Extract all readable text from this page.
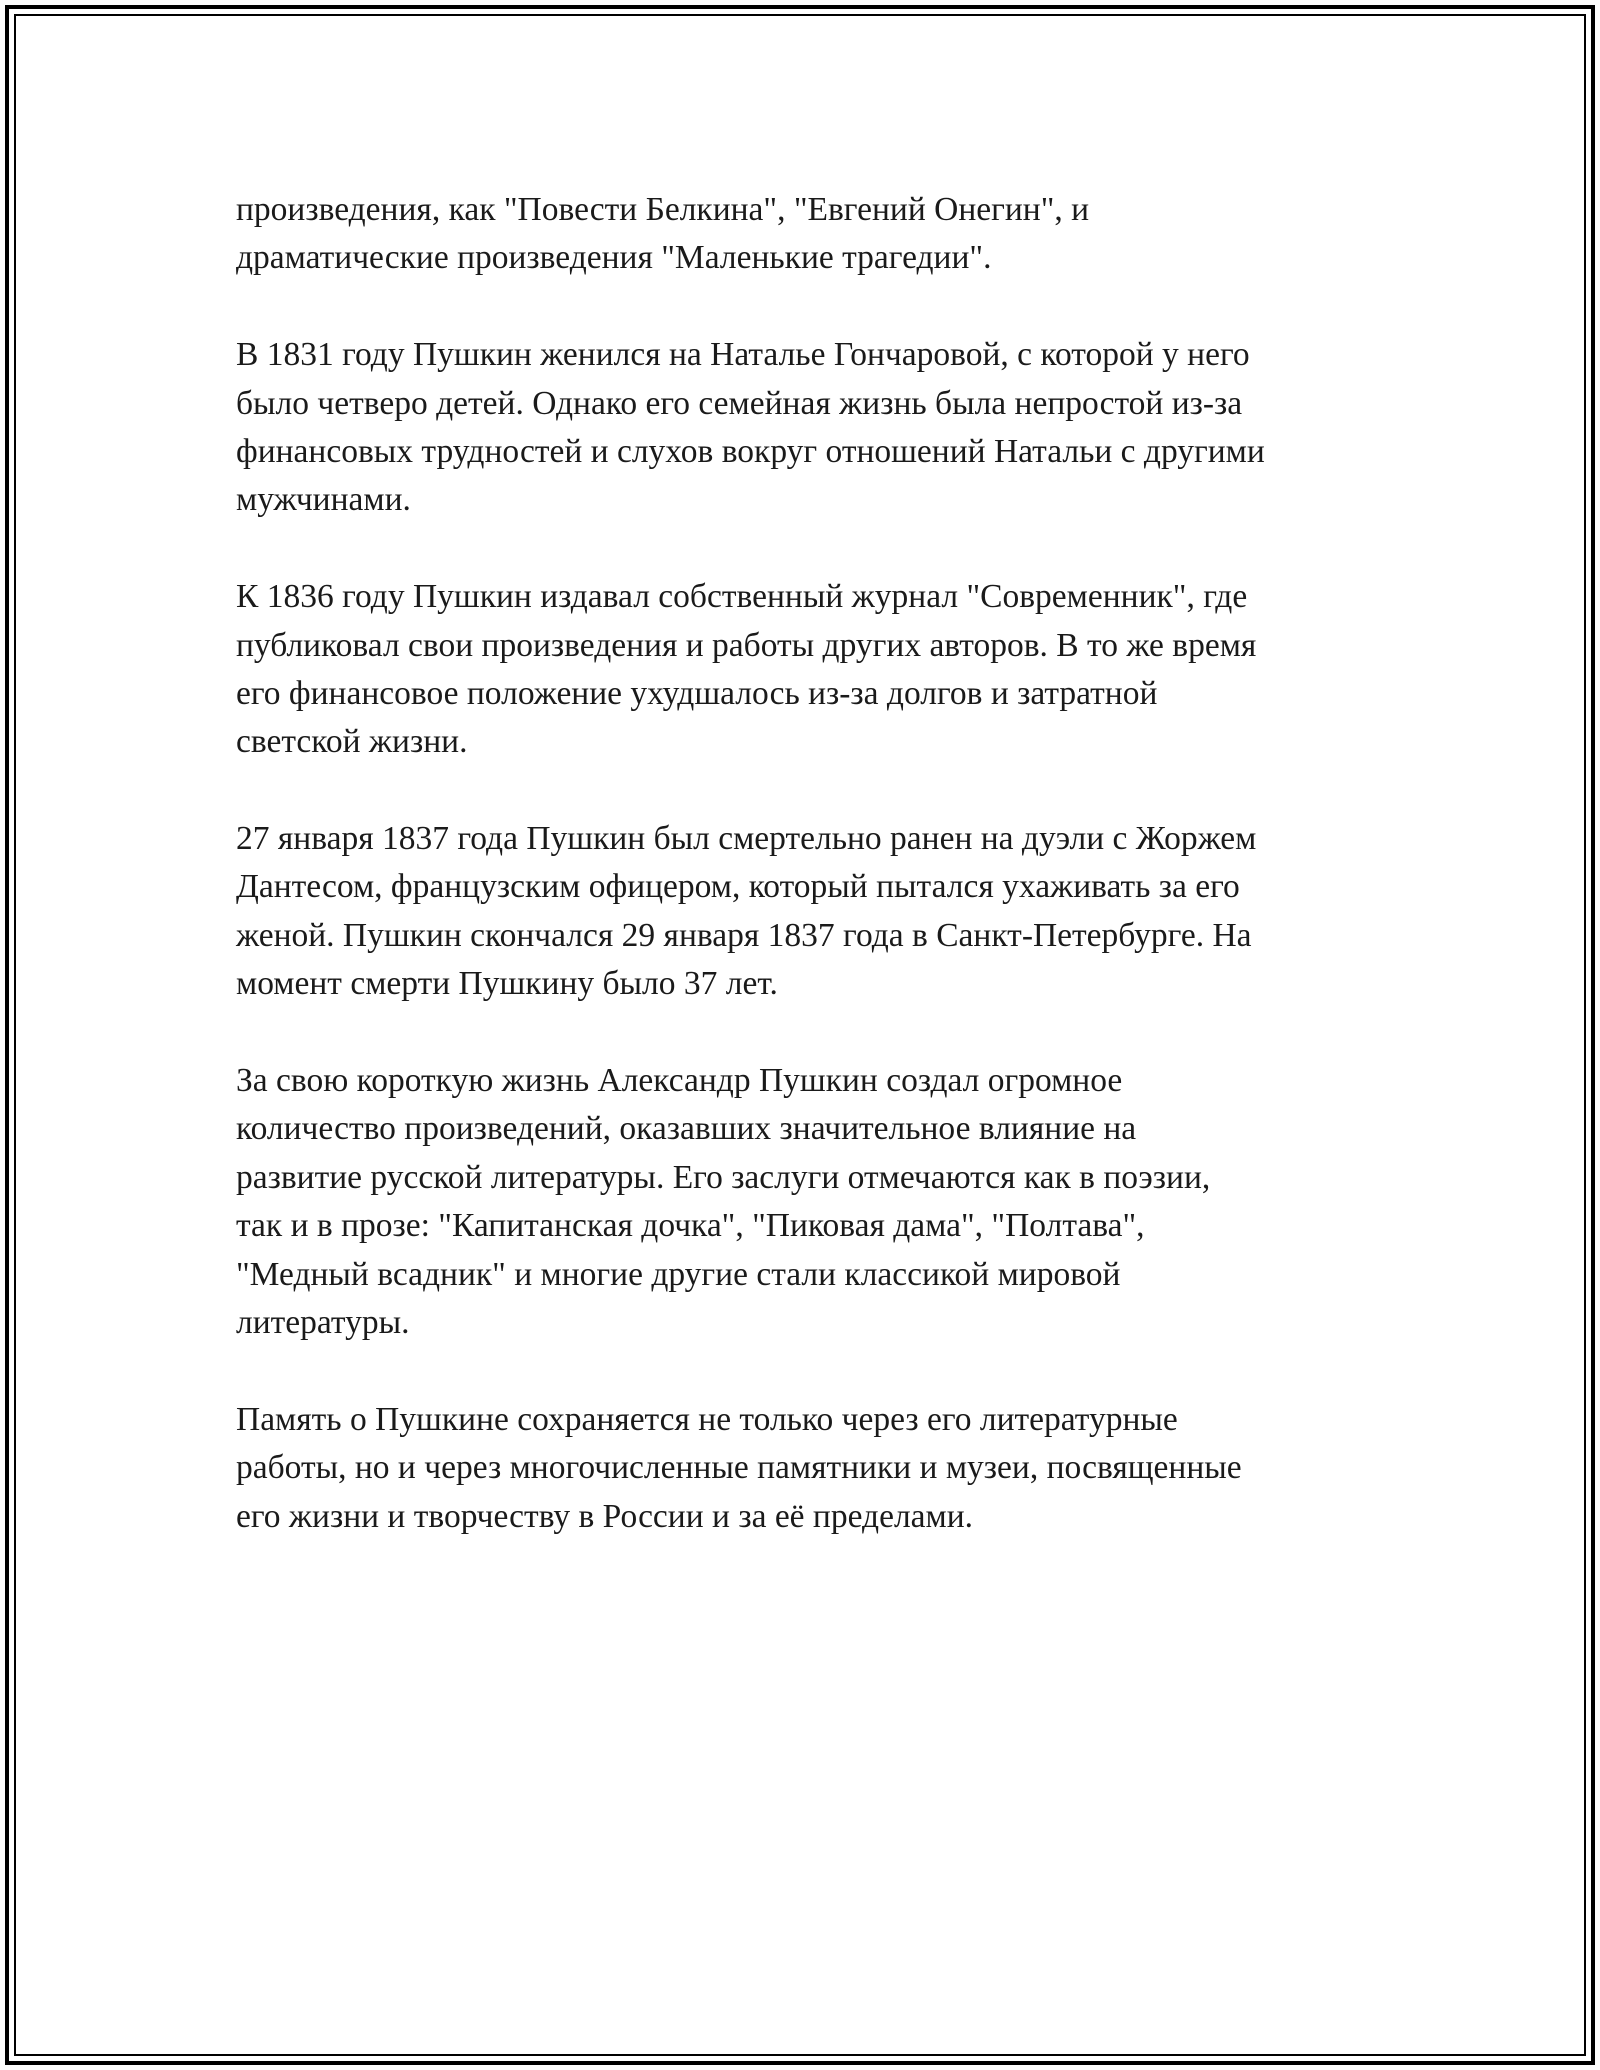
произведения, как "Повести Белкина", "Евгений Онегин", и
драматические произведения "Маленькие трагедии".

В 1831 году Пушкин женился на Наталье Гончаровой, с которой у него
было четверо детей. Однако его семейная жизнь была непростой из-за
финансовых трудностей и слухов вокруг отношений Натальи с другими
мужчинами.

К 1836 году Пушкин издавал собственный журнал "Современник", где
публиковал свои произведения и работы других авторов. В то же время
его финансовое положение ухудшалось из-за долгов и затратной
светской жизни.

27 января 1837 года Пушкин был смертельно ранен на дуэли с Жоржем
Дантесом, французским офицером, который пытался ухаживать за его
женой. Пушкин скончался 29 января 1837 года в Санкт-Петербурге. На
момент смерти Пушкину было 37 лет.

За свою короткую жизнь Александр Пушкин создал огромное
количество произведений, оказавших значительное влияние на
развитие русской литературы. Его заслуги отмечаются как в поэзии,
так и в прозе: "Капитанская дочка", "Пиковая дама", "Полтава",
"Медный всадник" и многие другие стали классикой мировой
литературы.

Память о Пушкине сохраняется не только через его литературные
работы, но и через многочисленные памятники и музеи, посвященные
его жизни и творчеству в России и за её пределами.
